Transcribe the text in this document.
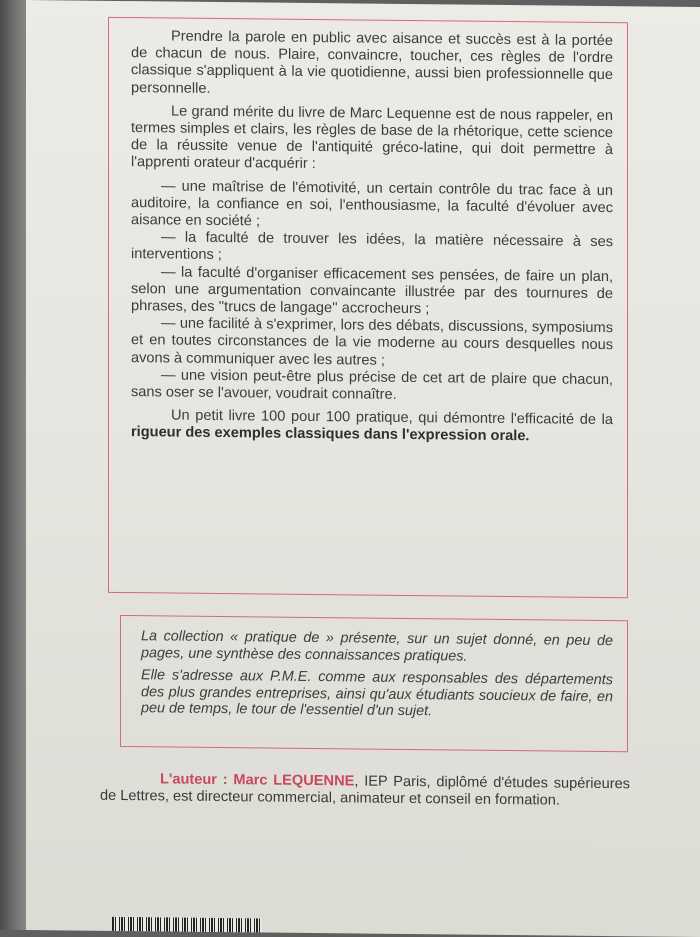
Prendre la parole en public avec aisance et succès est à la portée de chacun de nous. Plaire, convaincre, toucher, ces règles de l'ordre classique s'appliquent à la vie quotidienne, aussi bien professionnelle que personnelle.

Le grand mérite du livre de Marc Lequenne est de nous rappeler, en termes simples et clairs, les règles de base de la rhétorique, cette science de la réussite venue de l'antiquité gréco-latine, qui doit permettre à l'apprenti orateur d'acquérir :

— une maîtrise de l'émotivité, un certain contrôle du trac face à un auditoire, la confiance en soi, l'enthousiasme, la faculté d'évoluer avec aisance en société ;

— la faculté de trouver les idées, la matière nécessaire à ses interventions ;

— la faculté d'organiser efficacement ses pensées, de faire un plan, selon une argumentation convaincante illustrée par des tournures de phrases, des ''trucs de langage'' accrocheurs ;

— une facilité à s'exprimer, lors des débats, discussions, symposiums et en toutes circonstances de la vie moderne au cours desquelles nous avons à communiquer avec les autres ;

— une vision peut-être plus précise de cet art de plaire que chacun, sans oser se l'avouer, voudrait connaître.

Un petit livre 100 pour 100 pratique, qui démontre l'efficacité de la rigueur des exemples classiques dans l'expression orale.

La collection « pratique de » présente, sur un sujet donné, en peu de pages, une synthèse des connaissances pratiques.

Elle s'adresse aux P.M.E. comme aux responsables des départements des plus grandes entreprises, ainsi qu'aux étudiants soucieux de faire, en peu de temps, le tour de l'essentiel d'un sujet.

L'auteur : Marc LEQUENNE, IEP Paris, diplômé d'études supérieures de Lettres, est directeur commercial, animateur et conseil en formation.
